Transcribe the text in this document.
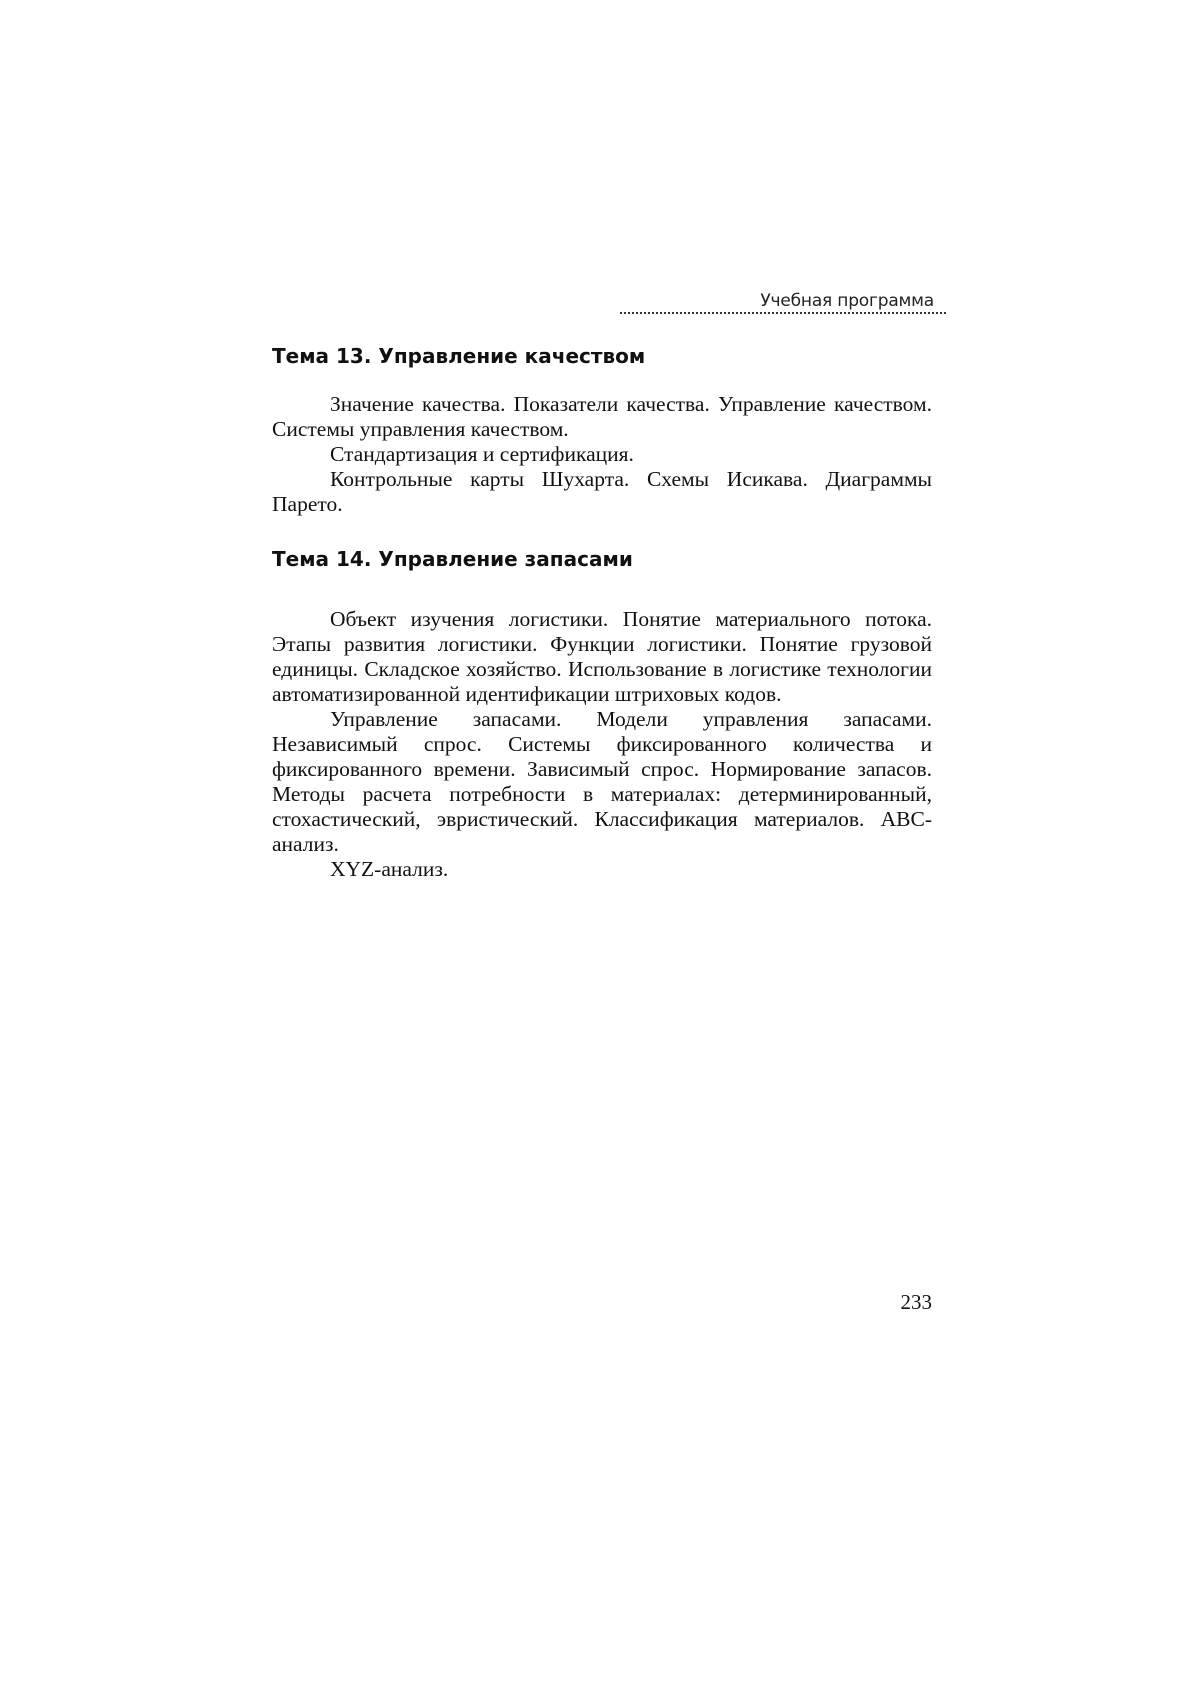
Учебная программа
Тема 13. Управление качеством

Значение качества. Показатели качества. Управление качеством. Системы управления качеством.

Стандартизация и сертификация.

Контрольные карты Шухарта. Схемы Исикава. Диаграммы Парето.

Тема 14. Управление запасами

Объект изучения логистики. Понятие материального потока. Этапы развития логистики. Функции логистики. Понятие грузовой единицы. Складское хозяйство. Использование в логистике технологии автоматизированной идентификации штриховых кодов.

Управление запасами. Модели управления запасами. Независимый спрос. Системы фиксированного количества и фиксированного времени. Зависимый спрос. Нормирование запасов. Методы расчета потребности в материалах: детерминированный, стохастический, эвристический. Классификация материалов. ABC-анализ.

XYZ-анализ.

233
